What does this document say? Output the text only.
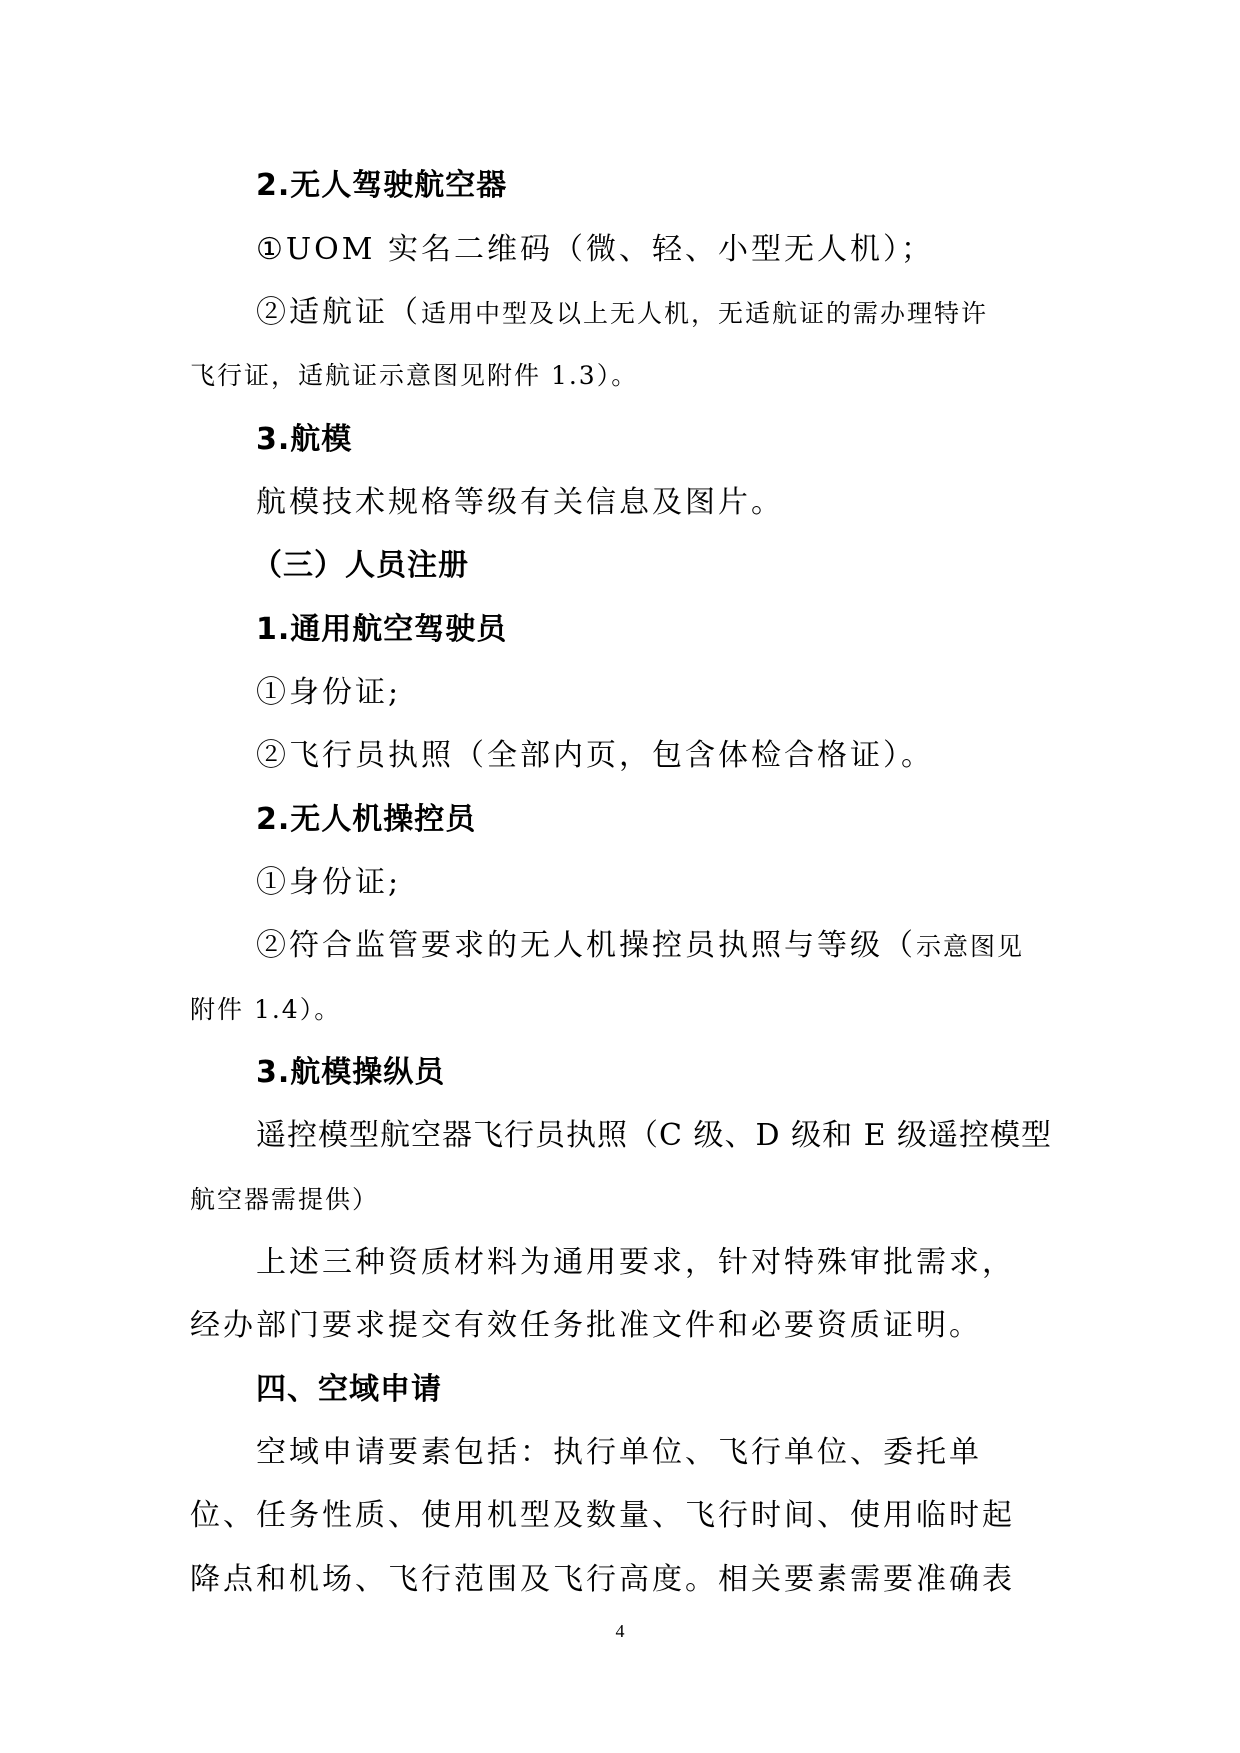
2.无人驾驶航空器
①UOM 实名二维码（微、轻、小型无人机）；
②适航证（适用中型及以上无人机，无适航证的需办理特许
飞行证，适航证示意图见附件 1.3）。
3.航模
航模技术规格等级有关信息及图片。
（三）人员注册
1.通用航空驾驶员
①身份证;
②飞行员执照（全部内页，包含体检合格证）。
2.无人机操控员
①身份证;
②符合监管要求的无人机操控员执照与等级（示意图见
附件 1.4）。
3.航模操纵员
遥控模型航空器飞行员执照（C 级、D 级和 E 级遥控模型
航空器需提供）
上述三种资质材料为通用要求，针对特殊审批需求，
经办部门要求提交有效任务批准文件和必要资质证明。
四、空域申请
空域申请要素包括：执行单位、飞行单位、委托单
位、任务性质、使用机型及数量、飞行时间、使用临时起
降点和机场、飞行范围及飞行高度。相关要素需要准确表
4
